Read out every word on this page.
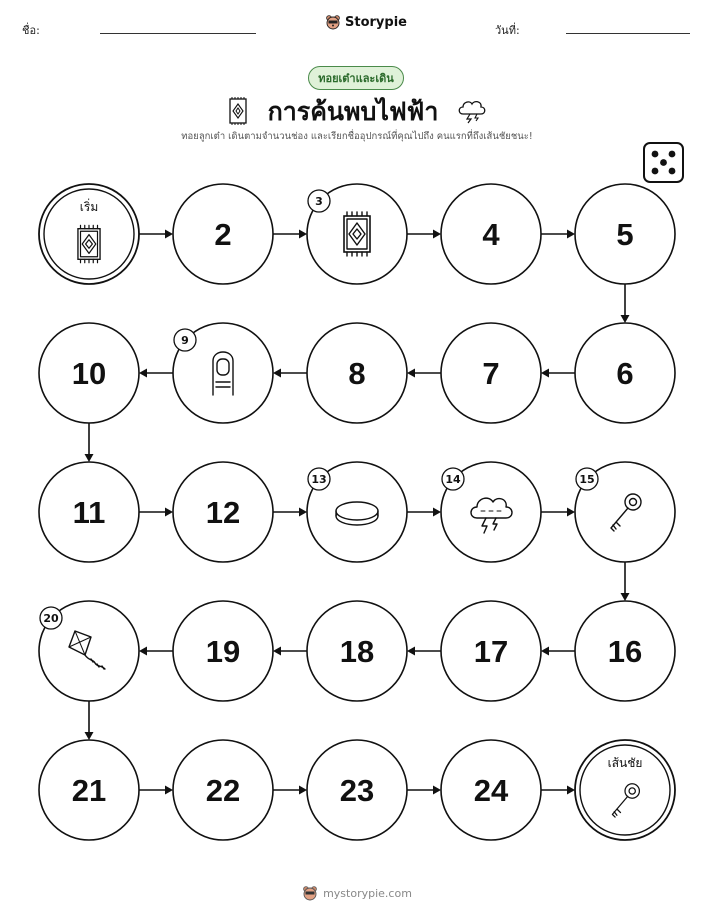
ชื่อ:
Storypie
วันที่:
ทอยเต๋าและเดิน
การค้นพบไฟฟ้า
ทอยลูกเต๋า เดินตามจำนวนช่อง และเรียกชื่ออุปกรณ์ที่คุณไปถึง คนแรกที่ถึงเส้นชัยชนะ!
เริ่ม
2
3
4	5
6
7
8
9
10
11	12
13	14	15
16
17
18
19
20
21	22	23	24
เส้นชัย
mystorypie.com
